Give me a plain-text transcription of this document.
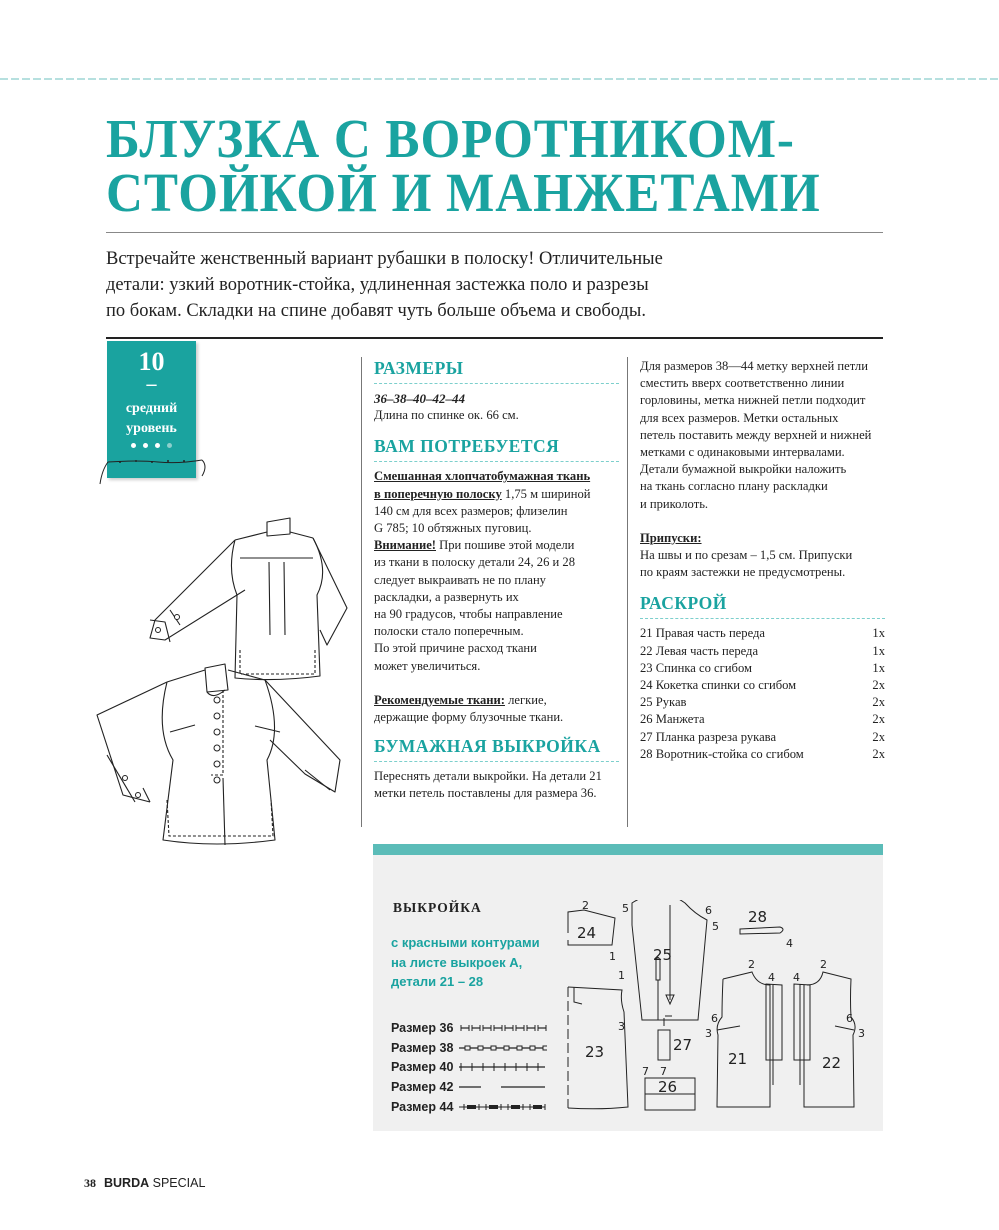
БЛУЗКА С ВОРОТНИКОМ-
СТОЙКОЙ И МАНЖЕТАМИ

Встречайте женственный вариант рубашки в полоску! Отличительные
детали: узкий воротник-стойка, удлиненная застежка поло и разрезы
по бокам. Складки на спине добавят чуть больше объема и свободы.

10
–
средний
уровень
РАЗМЕРЫ
36–38–40–42–44
Длина по спинке ок. 66 см.
ВАМ ПОТРЕБУЕТСЯ
Смешанная хлопчатобумажная ткань
в поперечную полоску 1,75 м шириной
140 см для всех размеров; флизелин
G 785; 10 обтяжных пуговиц.
Внимание! При пошиве этой модели
из ткани в полоску детали 24, 26 и 28
следует выкраивать не по плану
раскладки, а развернуть их
на 90 градусов, чтобы направление
полоски стало поперечным.
По этой причине расход ткани
может увеличиться.
Рекомендуемые ткани: легкие,
держащие форму блузочные ткани.
БУМАЖНАЯ ВЫКРОЙКА
Переснять детали выкройки. На детали 21
метки петель поставлены для размера 36.
Для размеров 38—44 метку верхней петли
сместить вверх соответственно линии
горловины, метка нижней петли подходит
для всех размеров. Метки остальных
петель поставить между верхней и нижней
метками с одинаковыми интервалами.
Детали бумажной выкройки наложить
на ткань согласно плану раскладки
и приколоть.
Припуски:
На швы и по срезам – 1,5 см. Припуски
по краям застежки не предусмотрены.
РАСКРОЙ
21 Правая часть переда	1x
22 Левая часть переда	1x
23 Спинка со сгибом	1x
24 Кокетка спинки со сгибом	2x
25 Рукав	2x
26 Манжета	2x
27 Планка разреза рукава	2x
28 Воротник-стойка со сгибом	2x
ВЫКРОЙКА
с красными контурами
на листе выкроек А,
детали 21 – 28
Размер 36
Размер 38
Размер 40
Размер 42
Размер 44
2
24
1
1
5	6
5
25
28
4
23
3
27
7 7
26
2
4
6
3
21
2
4
6
3
22
38 BURDA SPECIAL
